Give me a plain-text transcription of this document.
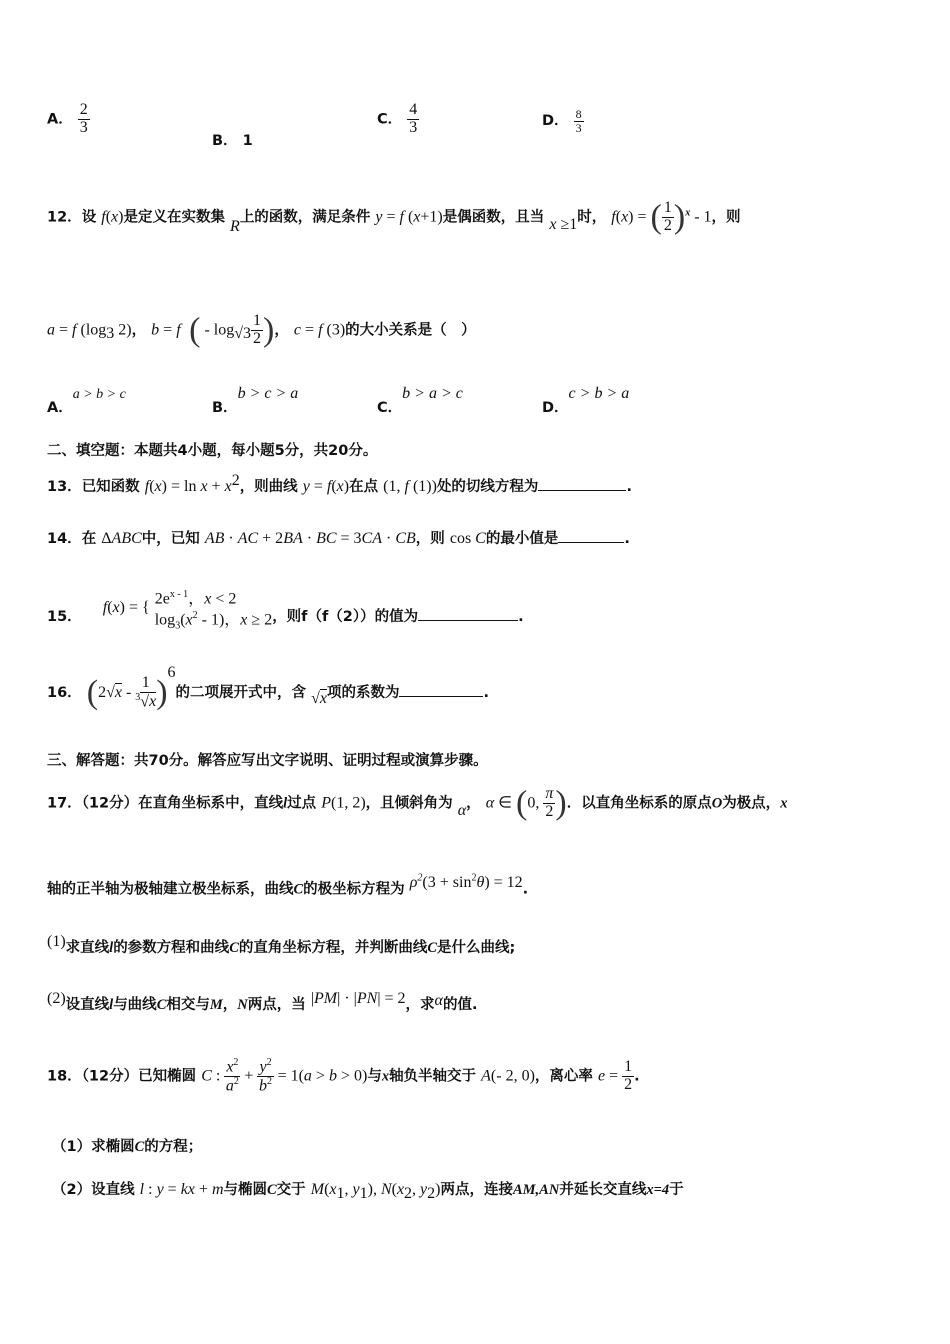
A． $\frac{2}{3}$
B． 1
C． $\frac{4}{3}$	D． $\frac{8}{3}$
12．设 f(x)是定义在实数集 R上的函数，满足条件 y = f (x+1)是偶函数，且当 x ≥1时， f(x) = ( $\frac{1}{2} )^x - 1$，则
a = f ($\log_3$ 2)， b = f ( - $\log_{√3} \frac{1}{2}$ )， c = f (3)的大小关系是（　）
A．a > b > c
B．b > c > a
C．b > a > c
D．c > b > a
二、填空题：本题共4小题，每小题5分，共20分。
13．已知函数 $f(x) = \ln x + x^2$，则曲线 y = f(x)在点 (1, f (1))处的切线方程为	.
14．在 ΔABC中，已知 AB · AC + 2BA · BC = 3CA · CB，则 cos C的最小值是	.
15． f(x) = {
$2e^{x - 1}$，x < 2
$\log_3(x^2 - 1)$，x ≥ 2 ，则f（f（2））的值为	.
16． $(2√x - \frac{1}{^3√x} )^6$的二项展开式中，含 √x项的系数为	.
三、解答题：共70分。解答应写出文字说明、证明过程或演算步骤。
17．（12分）在直角坐标系中，直线l过点 P(1, 2)，且倾斜角为 α， α ∈ (0, $\frac{\pi}{2}$ )．以直角坐标系的原点O为极点，x
轴的正半轴为极轴建立极坐标系，曲线C的极坐标方程为 $\rho^2(3 + \sin^2\theta) = 12$.
(1)求直线l的参数方程和曲线C的直角坐标方程，并判断曲线C是什么曲线;
(2)设直线l与曲线C相交与M，N两点，当 |PM| · |PN| = 2，求α的值.
18．（12分）已知椭圆 C : $\frac{x^2}{a^2} + \frac{y^2}{b^2} = 1(a > b > 0)$与x轴负半轴交于 A(- 2, 0)，离心率 $e = \frac{1}{2}$ .
（1）求椭圆C的方程；
（2）设直线 l : y = kx + m与椭圆C交于 $M(x_1$, $y_1$), $N(x_2$, $y_2$)两点，连接AM,AN并延长交直线x=4于
